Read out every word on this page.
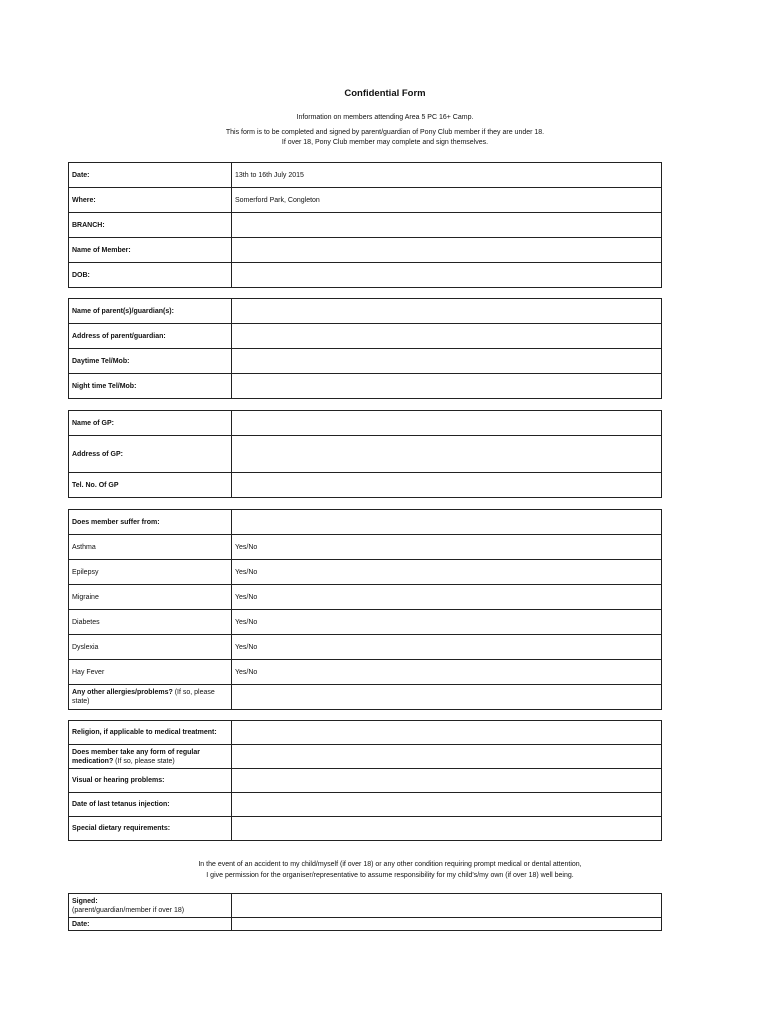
Confidential Form
Information on members attending Area 5 PC 16+ Camp.
This form is to be completed and signed by parent/guardian of Pony Club member if they are under 18.
If over 18, Pony Club member may complete and sign themselves.
Date:	13th to 16th July 2015
Where:	Somerford Park, Congleton
BRANCH:	
Name of Member:	
DOB:	
Name of parent(s)/guardian(s):	
Address of parent/guardian:	
Daytime Tel/Mob:	
Night time Tel/Mob:	
Name of GP:	
Address of GP:	
Tel. No. Of GP	
Does member suffer from:	
Asthma	Yes/No
Epilepsy	Yes/No
Migraine	Yes/No
Diabetes	Yes/No
Dyslexia	Yes/No
Hay Fever	Yes/No
Any other allergies/problems? (If so, please state)	
Religion, if applicable to medical treatment:	
Does member take any form of regular medication? (If so, please state)	
Visual or hearing problems:	
Date of last tetanus injection:	
Special dietary requirements:	
In the event of an accident to my child/myself (if over 18) or any other condition requiring prompt medical or dental attention,
I give permission for the organiser/representative to assume responsibility for my child's/my own (if over 18) well being.
Signed:
(parent/guardian/member if over 18)	
Date:	
